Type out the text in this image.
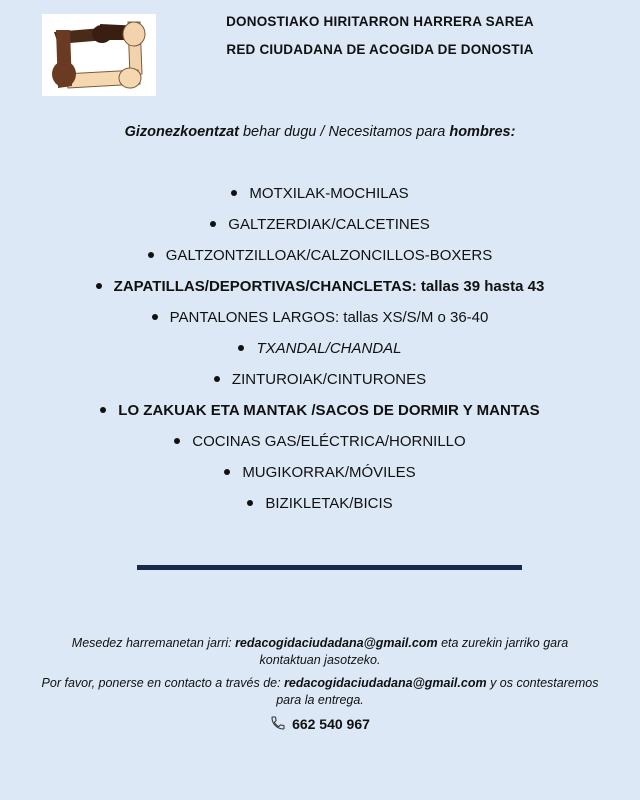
DONOSTIAKO HIRITARRON HARRERA SAREA
RED CIUDADANA DE ACOGIDA DE DONOSTIA
Gizonezkoentzat behar dugu / Necesitamos para hombres:
MOTXILAK-MOCHILAS
GALTZERDIAK/CALCETINES
GALTZONTZILLOAK/CALZONCILLOS-BOXERS
ZAPATILLAS/DEPORTIVAS/CHANCLETAS: tallas 39 hasta 43
PANTALONES LARGOS: tallas XS/S/M o 36-40
TXANDAL/CHANDAL
ZINTUROIAK/CINTURONES
LO ZAKUAK ETA MANTAK /SACOS DE DORMIR Y MANTAS
COCINAS GAS/ELÉCTRICA/HORNILLO
MUGIKORRAK/MÓVILES
BIZIKLETAK/BICIS
Mesedez harremanetan jarri: redacogidaciudadana@gmail.com eta zurekin jarriko gara kontaktuan jasotzeko.
Por favor, ponerse en contacto a través de: redacogidaciudadana@gmail.com y os contestaremos para la entrega.
662 540 967
